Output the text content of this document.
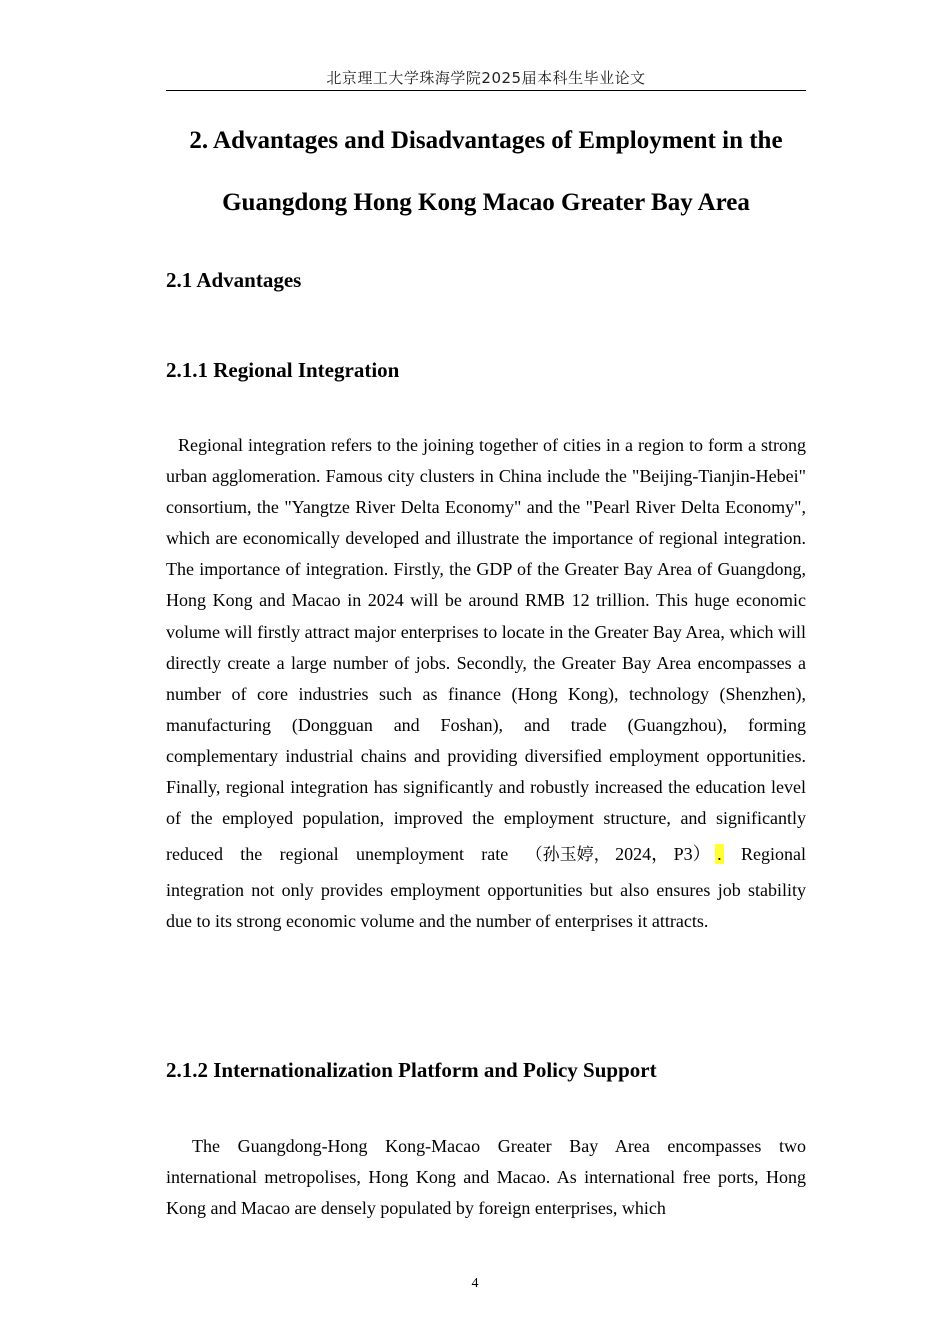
北京理工大学珠海学院2025届本科生毕业论文
2. Advantages and Disadvantages of Employment in the
Guangdong Hong Kong Macao Greater Bay Area
2.1 Advantages
2.1.1 Regional Integration
Regional integration refers to the joining together of cities in a region to form a strong urban agglomeration. Famous city clusters in China include the "Beijing-Tianjin-Hebei" consortium, the "Yangtze River Delta Economy" and the "Pearl River Delta Economy", which are economically developed and illustrate the importance of regional integration. The importance of integration. Firstly, the GDP of the Greater Bay Area of Guangdong, Hong Kong and Macao in 2024 will be around RMB 12 trillion. This huge economic volume will firstly attract major enterprises to locate in the Greater Bay Area, which will directly create a large number of jobs. Secondly, the Greater Bay Area encompasses a number of core industries such as finance (Hong Kong), technology (Shenzhen), manufacturing (Dongguan and Foshan), and trade (Guangzhou), forming complementary industrial chains and providing diversified employment opportunities. Finally, regional integration has significantly and robustly increased the education level of the employed population, improved the employment structure, and significantly reduced the regional unemployment rate （孙玉婷， 2024， P3） . Regional integration not only provides employment opportunities but also ensures job stability due to its strong economic volume and the number of enterprises it attracts.
2.1.2 Internationalization Platform and Policy Support
The Guangdong-Hong Kong-Macao Greater Bay Area encompasses two international metropolises, Hong Kong and Macao. As international free ports, Hong Kong and Macao are densely populated by foreign enterprises, which
4
